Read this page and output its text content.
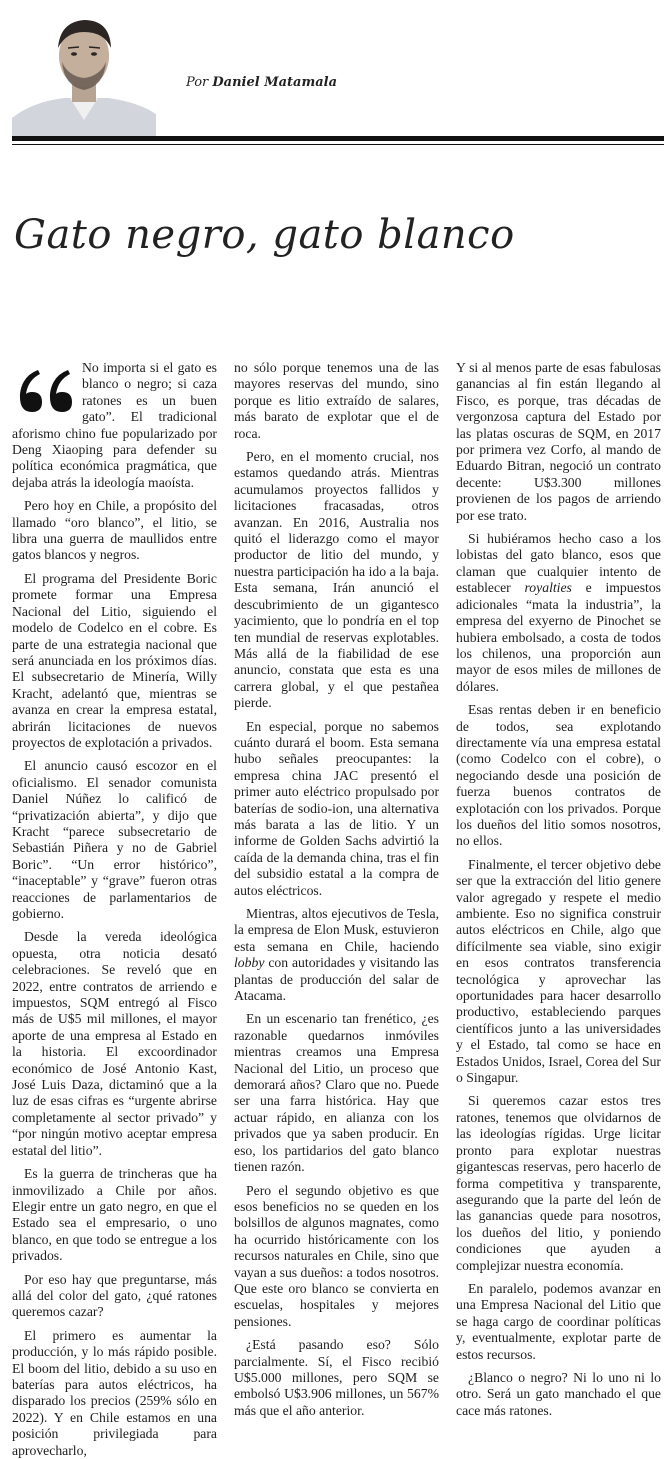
Por Daniel Matamala
Gato negro, gato blanco

No importa si el gato es blanco o negro; si caza ratones es un buen gato”. El tradicional aforismo chino fue popularizado por Deng Xiaoping para defender su política económica pragmática, que dejaba atrás la ideología maoísta.

Pero hoy en Chile, a propósito del llamado “oro blanco”, el litio, se libra una guerra de maullidos entre gatos blancos y negros.

El programa del Presidente Boric promete formar una Empresa Nacional del Litio, siguiendo el modelo de Codelco en el cobre. Es parte de una estrategia nacional que será anunciada en los próximos días. El subsecretario de Minería, Willy Kracht, adelantó que, mientras se avanza en crear la empresa estatal, abrirán licitaciones de nuevos proyectos de explotación a privados.

El anuncio causó escozor en el oficialismo. El senador comunista Daniel Núñez lo calificó de “privatización abierta”, y dijo que Kracht “parece subsecretario de Sebastián Piñera y no de Gabriel Boric”. “Un error histórico”, “inaceptable” y “grave” fueron otras reacciones de parlamentarios de gobierno.

Desde la vereda ideológica opuesta, otra noticia desató celebraciones. Se reveló que en 2022, entre contratos de arriendo e impuestos, SQM entregó al Fisco más de U$5 mil millones, el mayor aporte de una empresa al Estado en la historia. El excoordinador económico de José Antonio Kast, José Luis Daza, dictaminó que a la luz de esas cifras es “urgente abrirse completamente al sector privado” y “por ningún motivo aceptar empresa estatal del litio”.

Es la guerra de trincheras que ha inmovilizado a Chile por años. Elegir entre un gato negro, en que el Estado sea el empresario, o uno blanco, en que todo se entregue a los privados.

Por eso hay que preguntarse, más allá del color del gato, ¿qué ratones queremos cazar?

El primero es aumentar la producción, y lo más rápido posible. El boom del litio, debido a su uso en baterías para autos eléctricos, ha disparado los precios (259% sólo en 2022). Y en Chile estamos en una posición privilegiada para aprovecharlo,

no sólo porque tenemos una de las mayores reservas del mundo, sino porque es litio extraído de salares, más barato de explotar que el de roca.

Pero, en el momento crucial, nos estamos quedando atrás. Mientras acumulamos proyectos fallidos y licitaciones fracasadas, otros avanzan. En 2016, Australia nos quitó el liderazgo como el mayor productor de litio del mundo, y nuestra participación ha ido a la baja. Esta semana, Irán anunció el descubrimiento de un gigantesco yacimiento, que lo pondría en el top ten mundial de reservas explotables. Más allá de la fiabilidad de ese anuncio, constata que esta es una carrera global, y el que pestañea pierde.

En especial, porque no sabemos cuánto durará el boom. Esta semana hubo señales preocupantes: la empresa china JAC presentó el primer auto eléctrico propulsado por baterías de sodio-ion, una alternativa más barata a las de litio. Y un informe de Golden Sachs advirtió la caída de la demanda china, tras el fin del subsidio estatal a la compra de autos eléctricos.

Mientras, altos ejecutivos de Tesla, la empresa de Elon Musk, estuvieron esta semana en Chile, haciendo lobby con autoridades y visitando las plantas de producción del salar de Atacama.

En un escenario tan frenético, ¿es razonable quedarnos inmóviles mientras creamos una Empresa Nacional del Litio, un proceso que demorará años? Claro que no. Puede ser una farra histórica. Hay que actuar rápido, en alianza con los privados que ya saben producir. En eso, los partidarios del gato blanco tienen razón.

Pero el segundo objetivo es que esos beneficios no se queden en los bolsillos de algunos magnates, como ha ocurrido históricamente con los recursos naturales en Chile, sino que vayan a sus dueños: a todos nosotros. Que este oro blanco se convierta en escuelas, hospitales y mejores pensiones.

¿Está pasando eso? Sólo parcialmente. Sí, el Fisco recibió U$5.000 millones, pero SQM se embolsó U$3.906 millones, un 567% más que el año anterior.

Y si al menos parte de esas fabulosas ganancias al fin están llegando al Fisco, es porque, tras décadas de vergonzosa captura del Estado por las platas oscuras de SQM, en 2017 por primera vez Corfo, al mando de Eduardo Bitran, negoció un contrato decente: U$3.300 millones provienen de los pagos de arriendo por ese trato.

Si hubiéramos hecho caso a los lobistas del gato blanco, esos que claman que cualquier intento de establecer royalties e impuestos adicionales “mata la industria”, la empresa del exyerno de Pinochet se hubiera embolsado, a costa de todos los chilenos, una proporción aun mayor de esos miles de millones de dólares.

Esas rentas deben ir en beneficio de todos, sea explotando directamente vía una empresa estatal (como Codelco con el cobre), o negociando desde una posición de fuerza buenos contratos de explotación con los privados. Porque los dueños del litio somos nosotros, no ellos.

Finalmente, el tercer objetivo debe ser que la extracción del litio genere valor agregado y respete el medio ambiente. Eso no significa construir autos eléctricos en Chile, algo que difícilmente sea viable, sino exigir en esos contratos transferencia tecnológica y aprovechar las oportunidades para hacer desarrollo productivo, estableciendo parques científicos junto a las universidades y el Estado, tal como se hace en Estados Unidos, Israel, Corea del Sur o Singapur.

Si queremos cazar estos tres ratones, tenemos que olvidarnos de las ideologías rígidas. Urge licitar pronto para explotar nuestras gigantescas reservas, pero hacerlo de forma competitiva y transparente, asegurando que la parte del león de las ganancias quede para nosotros, los dueños del litio, y poniendo condiciones que ayuden a complejizar nuestra economía.

En paralelo, podemos avanzar en una Empresa Nacional del Litio que se haga cargo de coordinar políticas y, eventualmente, explotar parte de estos recursos.

¿Blanco o negro? Ni lo uno ni lo otro. Será un gato manchado el que cace más ratones.
